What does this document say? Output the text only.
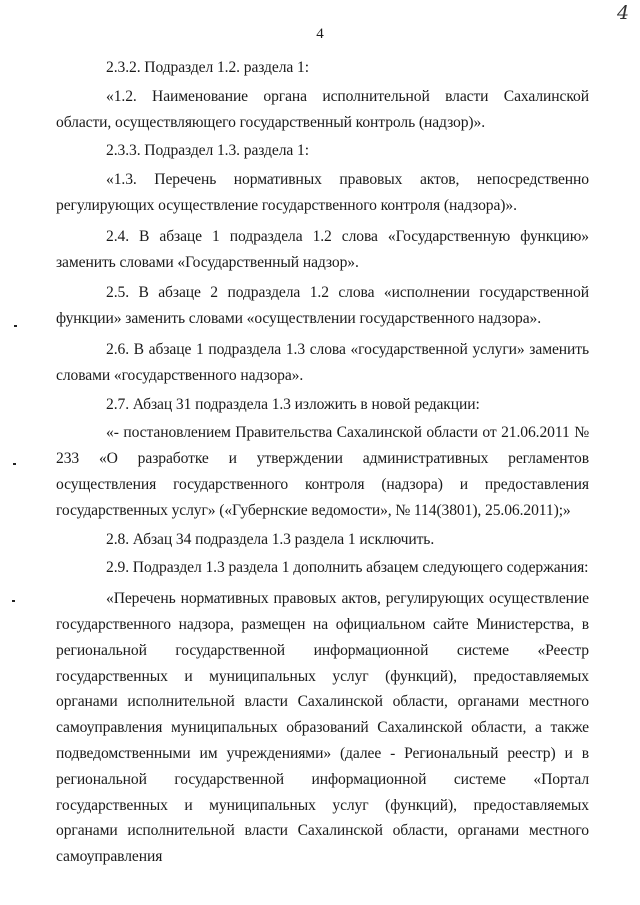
4
4

2.3.2. Подраздел 1.2. раздела 1:

«1.2. Наименование органа исполнительной власти Сахалинской области, осуществляющего государственный контроль (надзор)».

2.3.3. Подраздел 1.3. раздела 1:

«1.3. Перечень нормативных правовых актов, непосредственно регулирующих осуществление государственного контроля (надзора)».

2.4. В абзаце 1 подраздела 1.2 слова «Государственную функцию» заменить словами «Государственный надзор».

2.5. В абзаце 2 подраздела 1.2 слова «исполнении государственной функции» заменить словами «осуществлении государственного надзора».

2.6. В абзаце 1 подраздела 1.3 слова «государственной услуги» заменить словами «государственного надзора».

2.7. Абзац 31 подраздела 1.3 изложить в новой редакции:

«- постановлением Правительства Сахалинской области от 21.06.2011 № 233 «О разработке и утверждении административных регламентов осуществления государственного контроля (надзора) и предоставления государственных услуг» («Губернские ведомости», № 114(3801), 25.06.2011);»

2.8. Абзац 34 подраздела 1.3 раздела 1 исключить.

2.9. Подраздел 1.3 раздела 1 дополнить абзацем следующего содержания:

«Перечень нормативных правовых актов, регулирующих осуществление государственного надзора, размещен на официальном сайте Министерства, в региональной государственной информационной системе «Реестр государственных и муниципальных услуг (функций), предоставляемых органами исполнительной власти Сахалинской области, органами местного самоуправления муниципальных образований Сахалинской области, а также подведомственными им учреждениями» (далее - Региональный реестр) и в региональной государственной информационной системе «Портал государственных и муниципальных услуг (функций), предоставляемых органами исполнительной власти Сахалинской области, органами местного самоуправления
